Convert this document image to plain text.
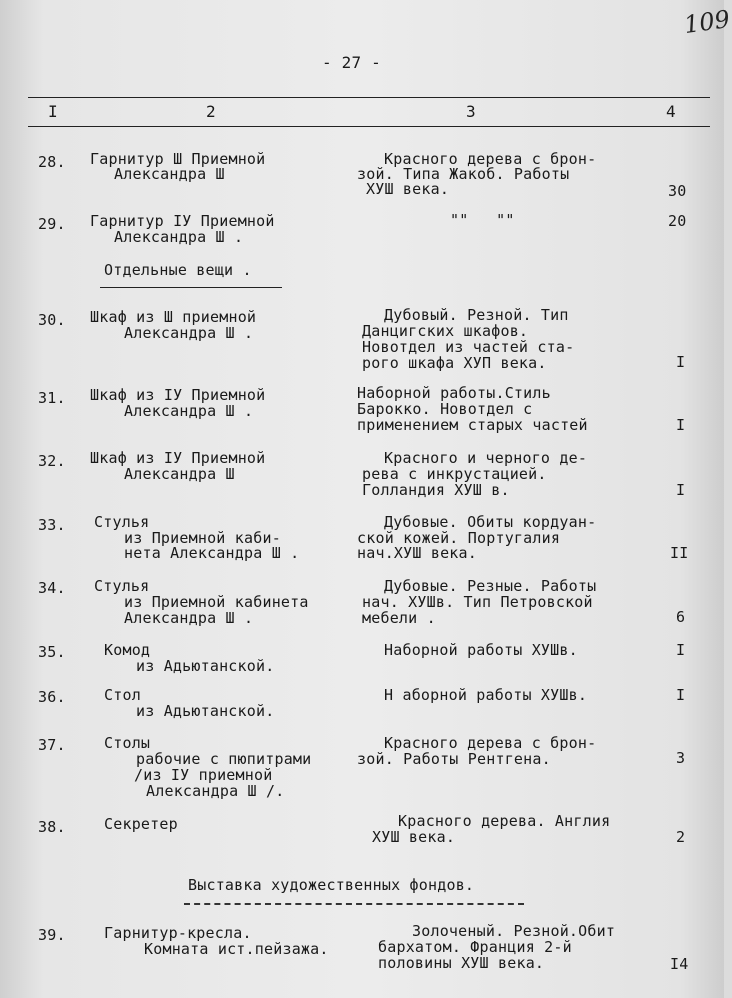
109
- 27 -
I	2	3	4
28. Гарнитур Ш Приемной
Александра Ш
Красного дерева с брон-
зой. Типа Жакоб. Работы
ХУШ века.	30
29. Гарнитур IУ Приемной
Александра Ш .
""   ""	20
Отдельные вещи .
30. Шкаф из Ш приемной
Александра Ш .
Дубовый. Резной. Тип
Данцигских шкафов.
Новотдел из частей ста-
рого шкафа ХУП века.	I
31. Шкаф из IУ Приемной
Александра Ш .
Наборной работы.Стиль
Барокко. Новотдел с
применением старых частей	I
32. Шкаф из IУ Приемной
Александра Ш
Красного и черного де-
рева с инкрустацией.
Голландия ХУШ в.	I
33. Стулья
из Приемной каби-
нета Александра Ш .
Дубовые. Обиты кордуан-
ской кожей. Португалия
нач.ХУШ века.	II
34. Стулья
из Приемной кабинета
Александра Ш .
Дубовые. Резные. Работы
нач. ХУШв. Тип Петровской
мебели .	6
35.	Комод
из Адьютанской.
Наборной работы ХУШв.	I
36.	Стол
из Адьютанской.
Н аборной работы ХУШв.	I
37.	Столы
рабочие с пюпитрами
/из IУ приемной
Александра Ш /.
Красного дерева с брон-
зой. Работы Рентгена.	3
38.	Секретер	Красного дерева. Англия
ХУШ века.	2
Выставка художественных фондов.
39.	Гарнитур-кресла.
Комната ист.пейзажа.
Золоченый. Резной.Обит
бархатом. Франция 2-й
половины ХУШ века.	I4
